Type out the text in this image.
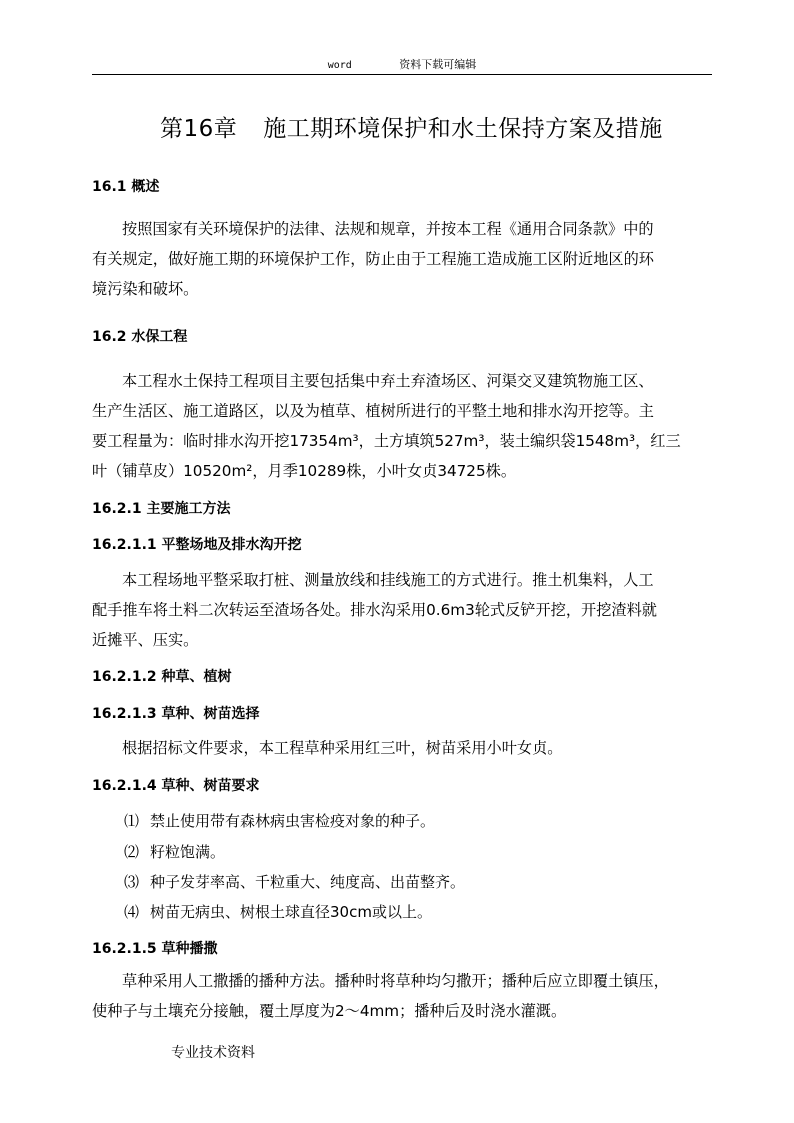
word	资料下载可编辑
第16章 施工期环境保护和水土保持方案及措施
16.1 概述
按照国家有关环境保护的法律、法规和规章，并按本工程《通用合同条款》中的
有关规定，做好施工期的环境保护工作，防止由于工程施工造成施工区附近地区的环
境污染和破坏。
16.2 水保工程
本工程水土保持工程项目主要包括集中弃土弃渣场区、河渠交叉建筑物施工区、
生产生活区、施工道路区，以及为植草、植树所进行的平整土地和排水沟开挖等。主
要工程量为：临时排水沟开挖17354m³，土方填筑527m³，装土编织袋1548m³，红三
叶（铺草皮）10520m²，月季10289株，小叶女贞34725株。
16.2.1 主要施工方法
16.2.1.1 平整场地及排水沟开挖
本工程场地平整采取打桩、测量放线和挂线施工的方式进行。推土机集料，人工
配手推车将土料二次转运至渣场各处。排水沟采用0.6m3轮式反铲开挖，开挖渣料就
近摊平、压实。
16.2.1.2 种草、植树
16.2.1.3 草种、树苗选择
根据招标文件要求，本工程草种采用红三叶，树苗采用小叶女贞。
16.2.1.4 草种、树苗要求
⑴ 禁止使用带有森林病虫害检疫对象的种子。
⑵ 籽粒饱满。
⑶ 种子发芽率高、千粒重大、纯度高、出苗整齐。
⑷ 树苗无病虫、树根土球直径30cm或以上。
16.2.1.5 草种播撒
草种采用人工撒播的播种方法。播种时将草种均匀撒开；播种后应立即覆土镇压，
使种子与土壤充分接触，覆土厚度为2～4mm；播种后及时浇水灌溉。
专业技术资料
